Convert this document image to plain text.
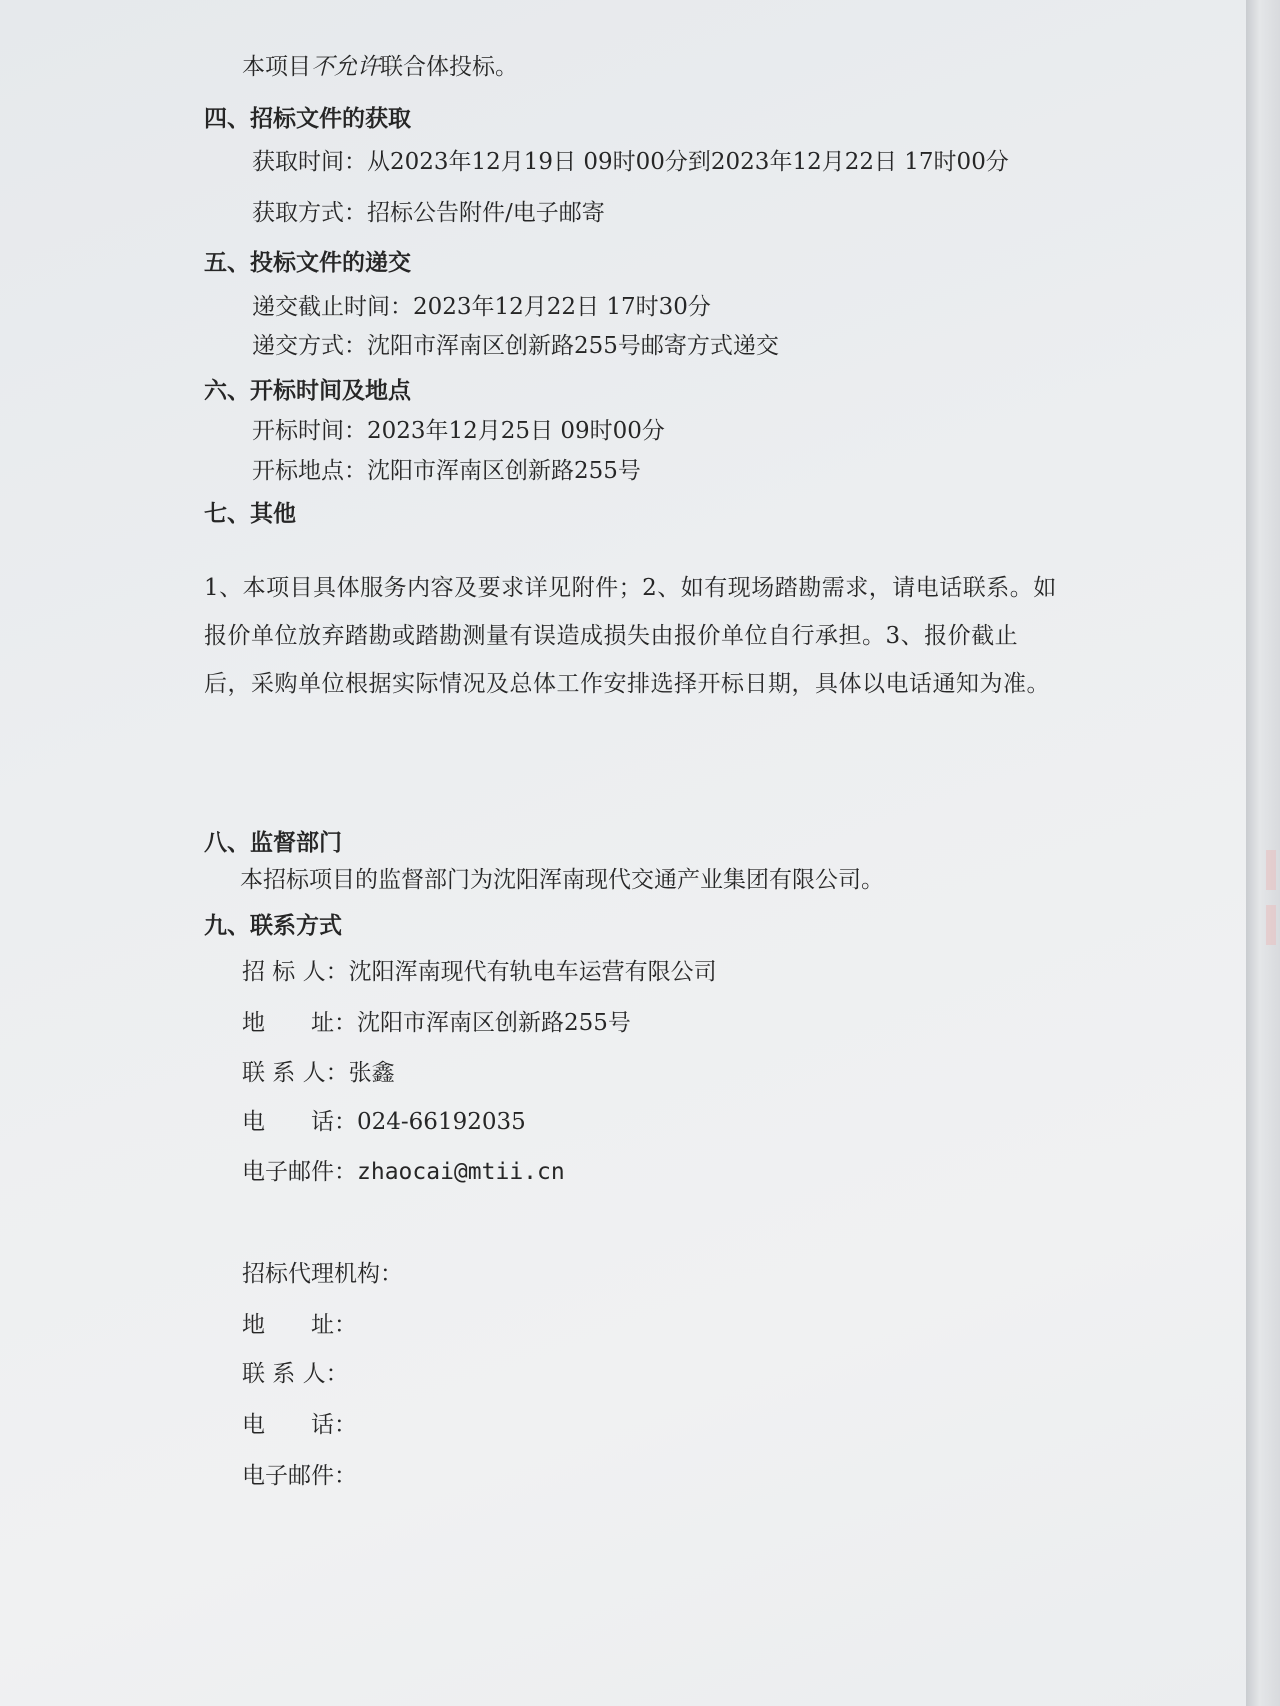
本项目不允许联合体投标。
四、招标文件的获取
获取时间：从2023年12月19日 09时00分到2023年12月22日 17时00分
获取方式：招标公告附件/电子邮寄
五、投标文件的递交
递交截止时间：2023年12月22日 17时30分
递交方式：沈阳市浑南区创新路255号邮寄方式递交
六、开标时间及地点
开标时间：2023年12月25日 09时00分
开标地点：沈阳市浑南区创新路255号
七、其他
1、本项目具体服务内容及要求详见附件；2、如有现场踏勘需求，请电话联系。如报价单位放弃踏勘或踏勘测量有误造成损失由报价单位自行承担。3、报价截止后，采购单位根据实际情况及总体工作安排选择开标日期，具体以电话通知为准。
八、监督部门
本招标项目的监督部门为沈阳浑南现代交通产业集团有限公司。
九、联系方式
招 标 人：沈阳浑南现代有轨电车运营有限公司
地　　址：沈阳市浑南区创新路255号
联 系 人：张鑫
电　　话：024-66192035
电子邮件：zhaocai@mtii.cn
招标代理机构：
地　　址：
联 系 人：
电　　话：
电子邮件：
